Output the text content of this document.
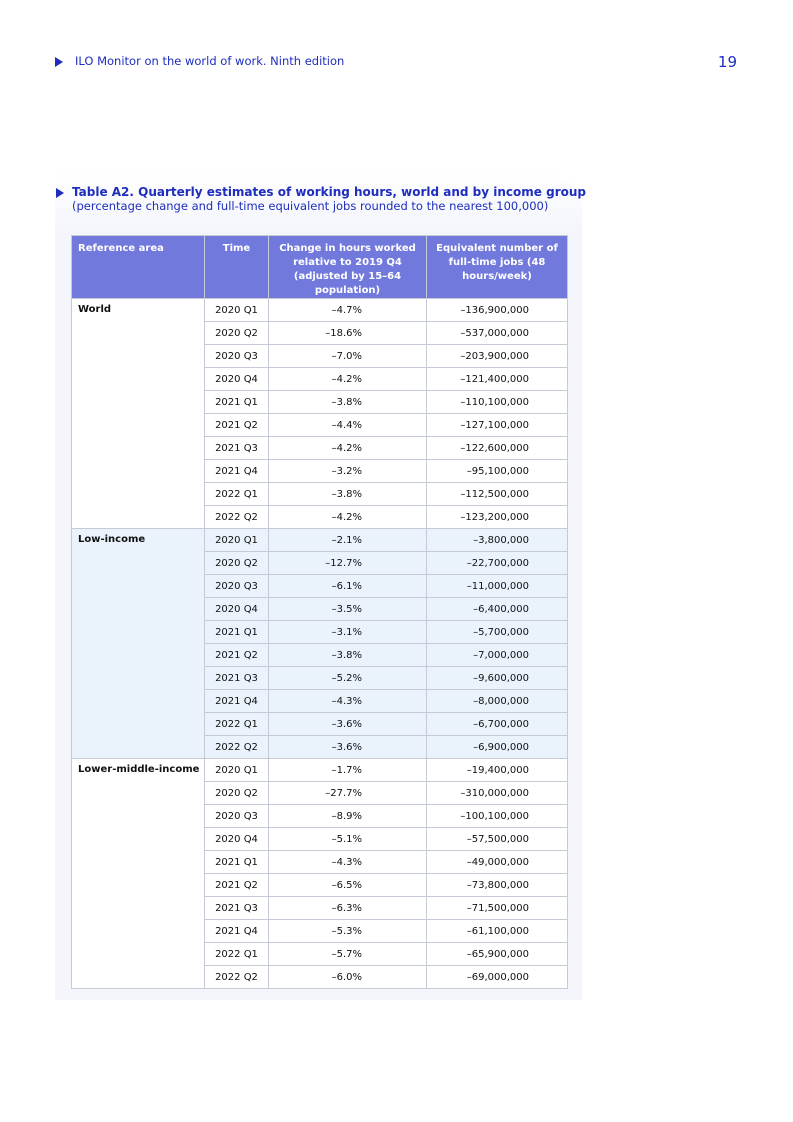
ILO Monitor on the world of work. Ninth edition	19
Table A2. Quarterly estimates of working hours, world and by income group
(percentage change and full-time equivalent jobs rounded to the nearest 100,000)
Reference area	Time	Change in hours worked relative to 2019 Q4 (adjusted by 15–64 population)	Equivalent number of full-time jobs (48 hours/week)

World	2020 Q1	–4.7%	–136,900,000
	2020 Q2	–18.6%	–537,000,000
	2020 Q3	–7.0%	–203,900,000
	2020 Q4	–4.2%	–121,400,000
	2021 Q1	–3.8%	–110,100,000
	2021 Q2	–4.4%	–127,100,000
	2021 Q3	–4.2%	–122,600,000
	2021 Q4	–3.2%	–95,100,000
	2022 Q1	–3.8%	–112,500,000
	2022 Q2	–4.2%	–123,200,000
Low-income	2020 Q1	–2.1%	–3,800,000
	2020 Q2	–12.7%	–22,700,000
	2020 Q3	–6.1%	–11,000,000
	2020 Q4	–3.5%	–6,400,000
	2021 Q1	–3.1%	–5,700,000
	2021 Q2	–3.8%	–7,000,000
	2021 Q3	–5.2%	–9,600,000
	2021 Q4	–4.3%	–8,000,000
	2022 Q1	–3.6%	–6,700,000
	2022 Q2	–3.6%	–6,900,000
Lower-middle-income	2020 Q1	–1.7%	–19,400,000
	2020 Q2	–27.7%	–310,000,000
	2020 Q3	–8.9%	–100,100,000
	2020 Q4	–5.1%	–57,500,000
	2021 Q1	–4.3%	–49,000,000
	2021 Q2	–6.5%	–73,800,000
	2021 Q3	–6.3%	–71,500,000
	2021 Q4	–5.3%	–61,100,000
	2022 Q1	–5.7%	–65,900,000
	2022 Q2	–6.0%	–69,000,000
